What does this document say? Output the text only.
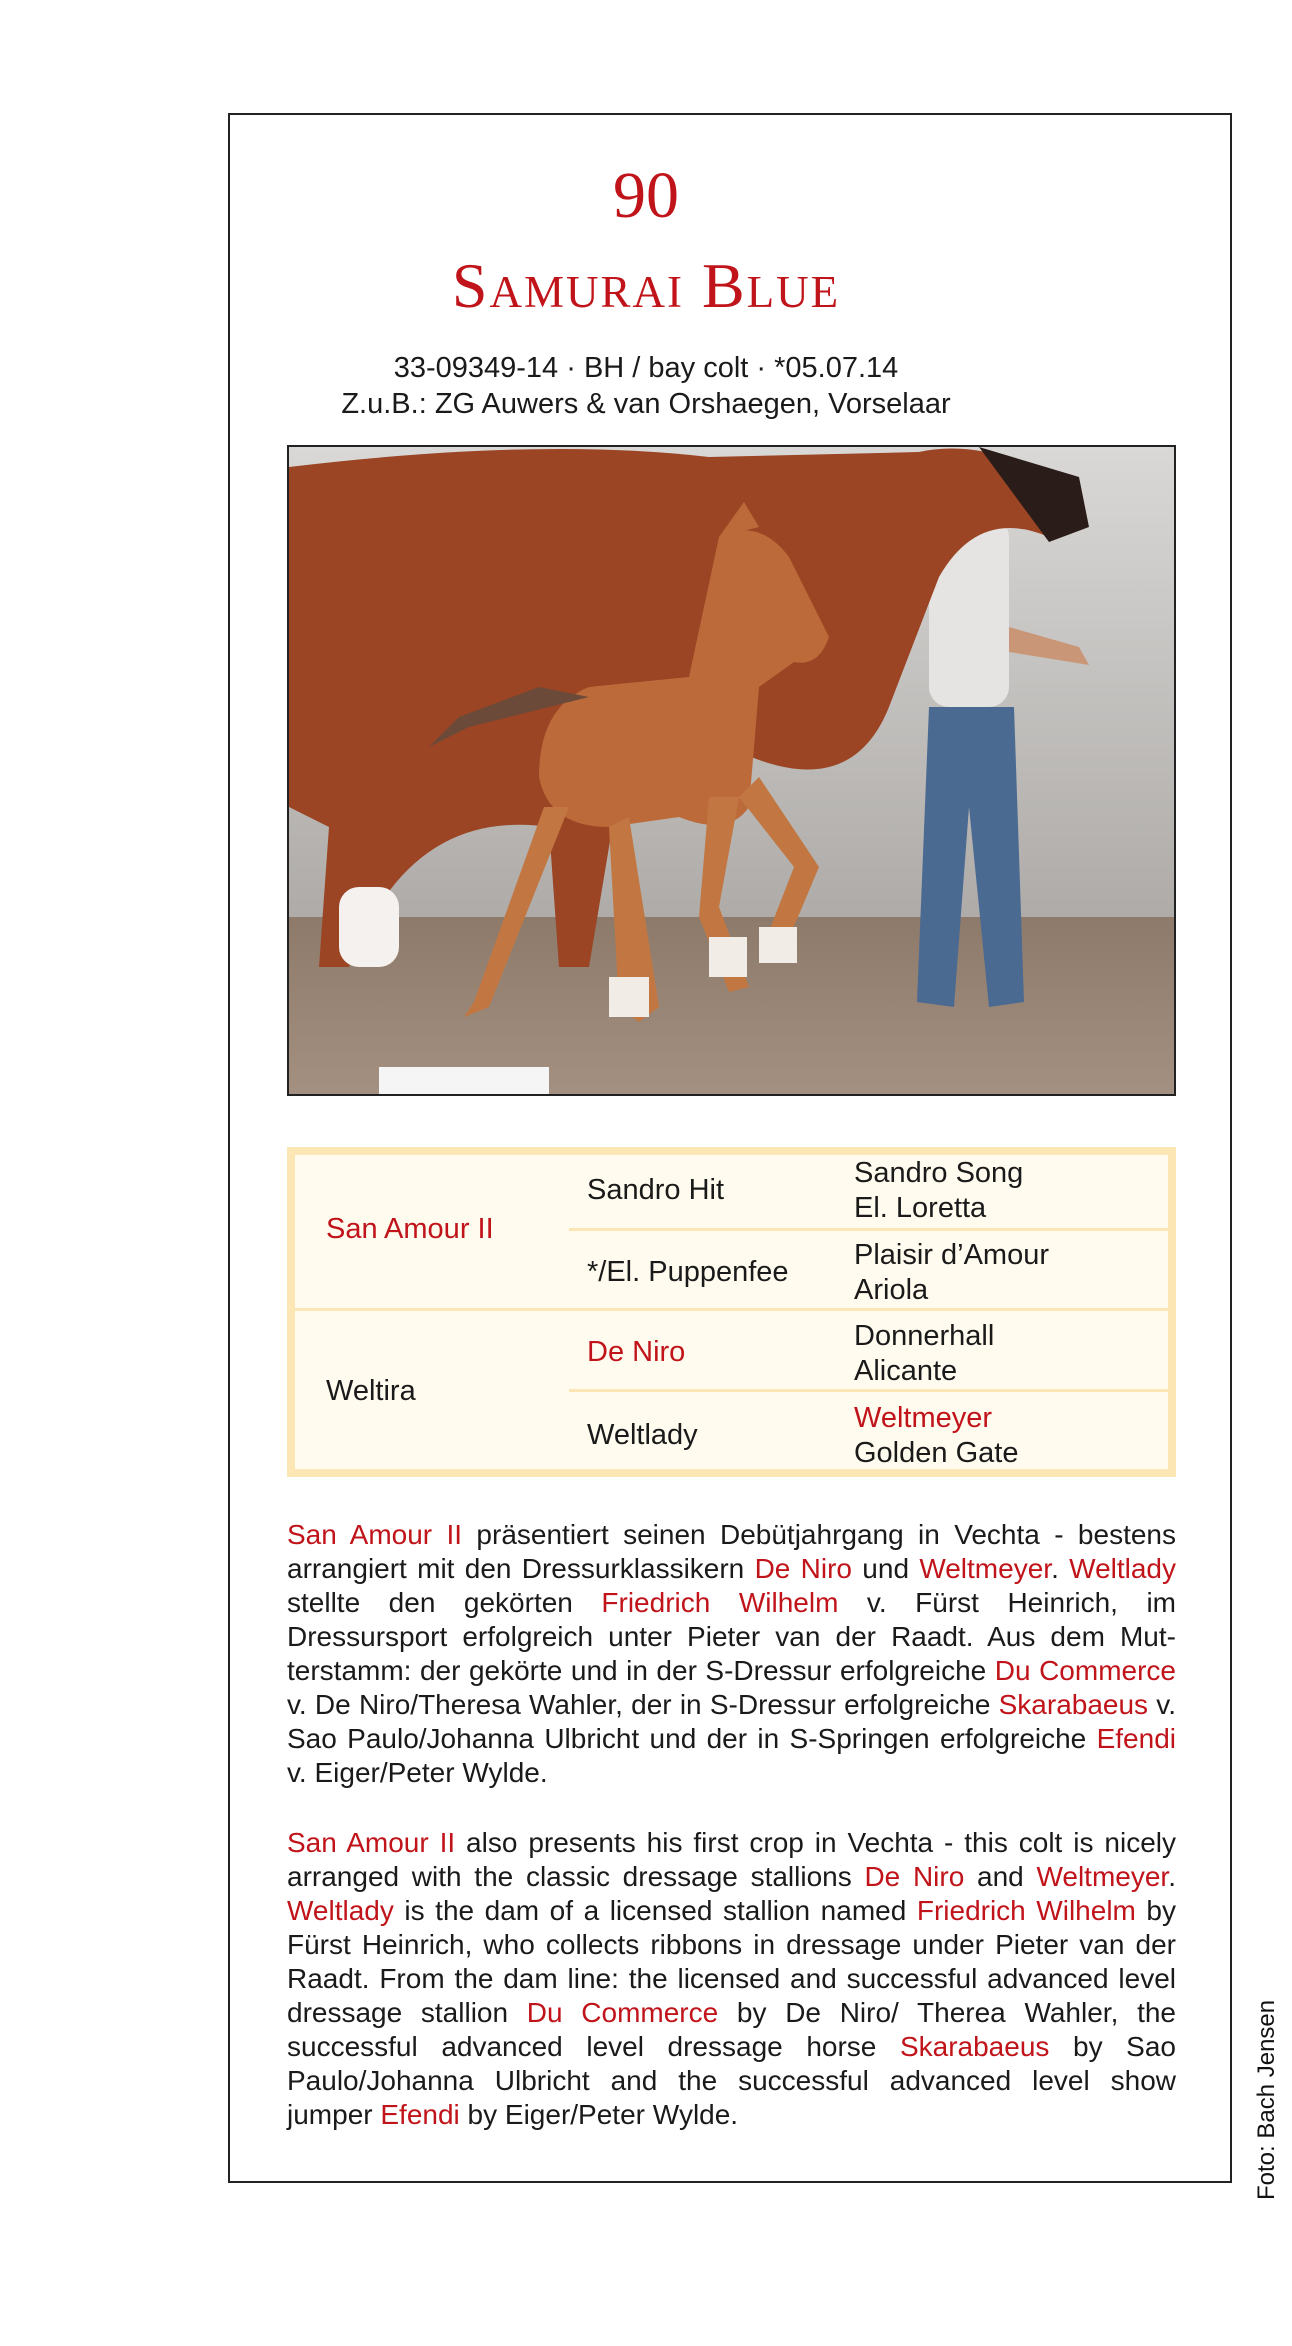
90
Samurai Blue
33-09349-14 · BH / bay colt · *05.07.14
Z.u.B.: ZG Auwers & van Orshaegen, Vorselaar
San Amour II
Weltira
Sandro Hit
*/El. Puppenfee
De Niro
Weltlady
Sandro Song
El. Loretta
Plaisir d’Amour
Ariola
Donnerhall
Alicante
Weltmeyer
Golden Gate
San Amour II präsentiert seinen Debütjahrgang in Vechta - bestens arrangiert mit den Dressurklassikern De Niro und Weltmeyer. Weltlady stellte den gekörten Friedrich Wilhelm v. Fürst Heinrich, im Dressursport erfolgreich unter Pieter van der Raadt. Aus dem Mutterstamm: der gekörte und in der S-Dressur erfolgreiche Du Commerce v. De Niro/Theresa Wahler, der in S-Dressur erfolgreiche Skarabaeus v. Sao Paulo/Johanna Ulbricht und der in S-Springen erfolgreiche Efendi v. Eiger/Peter Wylde.
San Amour II also presents his first crop in Vechta - this colt is nicely arranged with the classic dressage stallions De Niro and Weltmeyer. Weltlady is the dam of a licensed stallion named Friedrich Wilhelm by Fürst Heinrich, who collects ribbons in dressage under Pieter van der Raadt. From the dam line: the licensed and successful advanced level dressage stallion Du Commerce by De Niro/ Therea Wahler, the successful advanced level dressage horse Skarabaeus by Sao Paulo/Johanna Ulbricht and the successful advanced level show jumper Efendi by Eiger/Peter Wylde.	Foto: Bach Jensen
